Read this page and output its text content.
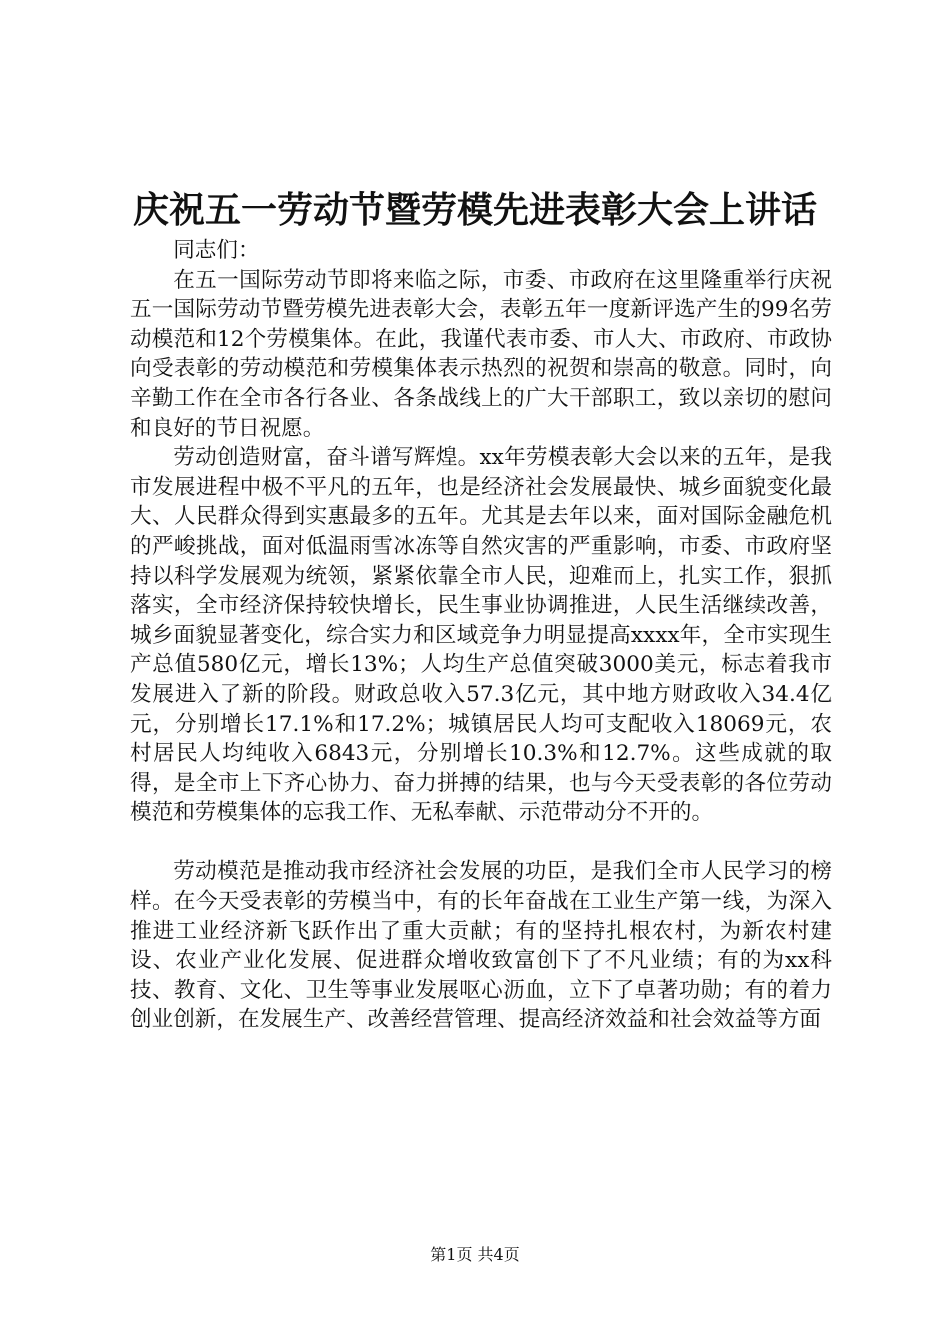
庆祝五一劳动节暨劳模先进表彰大会上讲话

同志们：

在五一国际劳动节即将来临之际，市委、市政府在这里隆重举行庆祝五一国际劳动节暨劳模先进表彰大会，表彰五年一度新评选产生的99名劳动模范和12个劳模集体。在此，我谨代表市委、市人大、市政府、市政协向受表彰的劳动模范和劳模集体表示热烈的祝贺和崇高的敬意。同时，向辛勤工作在全市各行各业、各条战线上的广大干部职工，致以亲切的慰问和良好的节日祝愿。

劳动创造财富，奋斗谱写辉煌。xx年劳模表彰大会以来的五年，是我市发展进程中极不平凡的五年，也是经济社会发展最快、城乡面貌变化最大、人民群众得到实惠最多的五年。尤其是去年以来，面对国际金融危机的严峻挑战，面对低温雨雪冰冻等自然灾害的严重影响，市委、市政府坚持以科学发展观为统领，紧紧依靠全市人民，迎难而上，扎实工作，狠抓落实，全市经济保持较快增长，民生事业协调推进，人民生活继续改善，城乡面貌显著变化，综合实力和区域竞争力明显提高xxxx年，全市实现生产总值580亿元，增长13%；人均生产总值突破3000美元，标志着我市发展进入了新的阶段。财政总收入57.3亿元，其中地方财政收入34.4亿元，分别增长17.1%和17.2%；城镇居民人均可支配收入18069元，农村居民人均纯收入6843元，分别增长10.3%和12.7%。这些成就的取得，是全市上下齐心协力、奋力拼搏的结果，也与今天受表彰的各位劳动模范和劳模集体的忘我工作、无私奉献、示范带动分不开的。

劳动模范是推动我市经济社会发展的功臣，是我们全市人民学习的榜样。在今天受表彰的劳模当中，有的长年奋战在工业生产第一线，为深入推进工业经济新飞跃作出了重大贡献；有的坚持扎根农村，为新农村建设、农业产业化发展、促进群众增收致富创下了不凡业绩；有的为xx科技、教育、文化、卫生等事业发展呕心沥血，立下了卓著功勋；有的着力创业创新，在发展生产、改善经营管理、提高经济效益和社会效益等方面

第1页 共4页
